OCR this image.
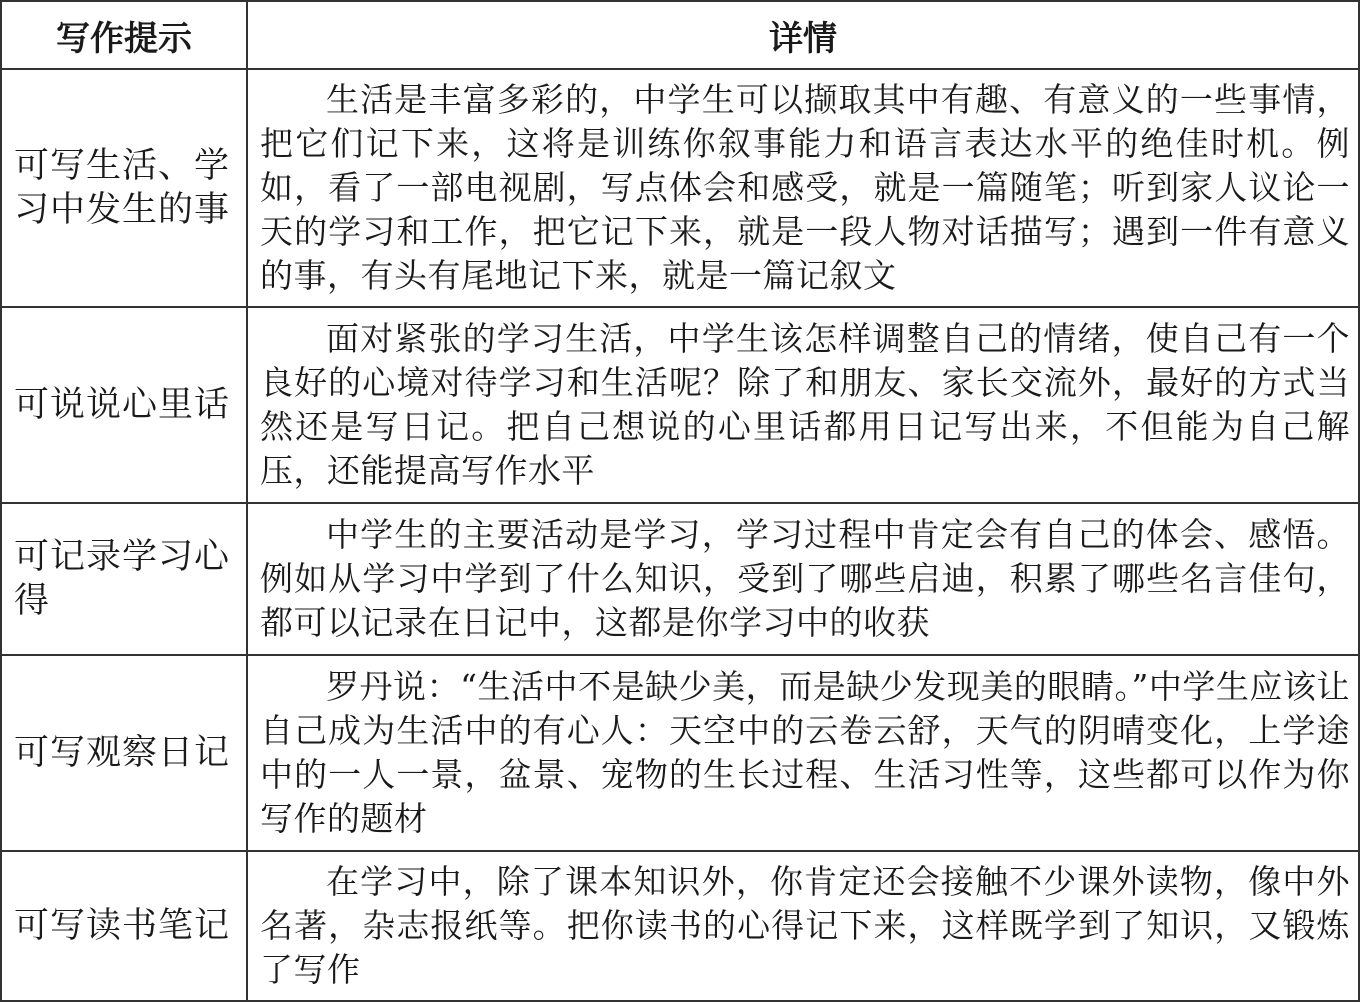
写作提示	详情
可写生活、学习中发生的事	生活是丰富多彩的，中学生可以撷取其中有趣、有意义的一些事情，把它们记下来，这将是训练你叙事能力和语言表达水平的绝佳时机。例如，看了一部电视剧，写点体会和感受，就是一篇随笔；听到家人议论一天的学习和工作，把它记下来，就是一段人物对话描写；遇到一件有意义的事，有头有尾地记下来，就是一篇记叙文
可说说心里话	面对紧张的学习生活，中学生该怎样调整自己的情绪，使自己有一个良好的心境对待学习和生活呢？除了和朋友、家长交流外，最好的方式当然还是写日记。把自己想说的心里话都用日记写出来，不但能为自己解压，还能提高写作水平
可记录学习心得	中学生的主要活动是学习，学习过程中肯定会有自己的体会、感悟。例如从学习中学到了什么知识，受到了哪些启迪，积累了哪些名言佳句，都可以记录在日记中，这都是你学习中的收获
可写观察日记	罗丹说：“生活中不是缺少美，而是缺少发现美的眼睛。”中学生应该让自己成为生活中的有心人：天空中的云卷云舒，天气的阴晴变化，上学途中的一人一景，盆景、宠物的生长过程、生活习性等，这些都可以作为你写作的题材
可写读书笔记	在学习中，除了课本知识外，你肯定还会接触不少课外读物，像中外名著，杂志报纸等。把你读书的心得记下来，这样既学到了知识，又锻炼了写作
